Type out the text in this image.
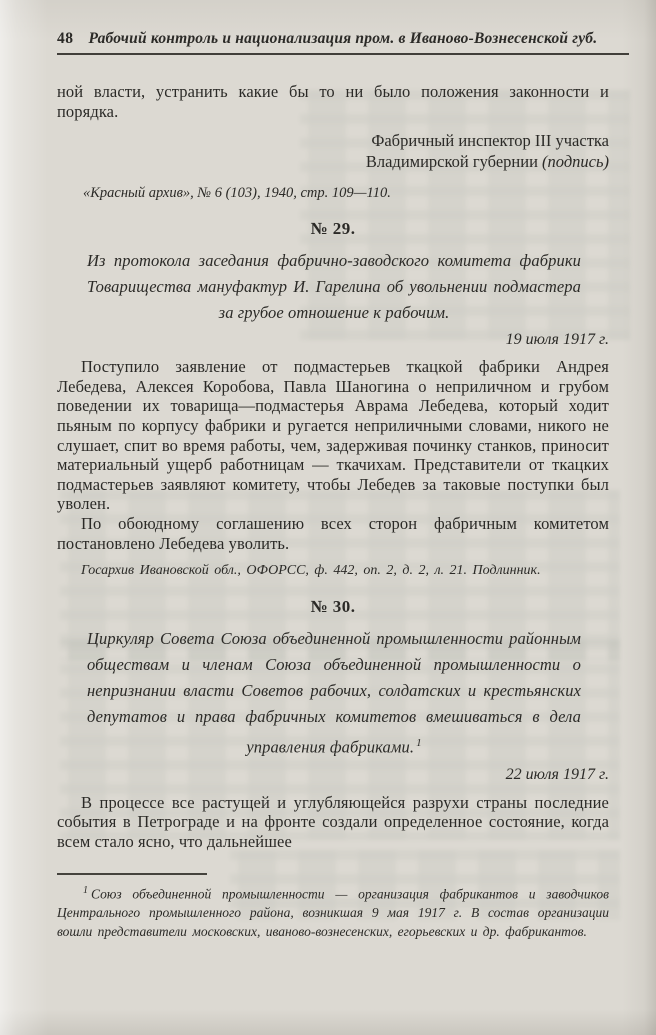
48 Рабочий контроль и национализация пром. в Иваново-Вознесенской губ.

ной власти, устранить какие бы то ни было положения законности и порядка.

Фабричный инспектор III участка
Владимирской губернии (подпись)
«Красный архив», № 6 (103), 1940, стр. 109—110.
№ 29.
Из протокола заседания фабрично-заводского комитета фабрики Товарищества мануфактур И. Гарелина об увольнении подмастера за грубое отношение к рабочим.
19 июля 1917 г.

Поступило заявление от подмастерьев ткацкой фабрики Андрея Лебедева, Алексея Коробова, Павла Шаногина о неприличном и грубом поведении их товарища—подмастерья Аврама Лебедева, который ходит пьяным по корпусу фабрики и ругается неприличными словами, никого не слушает, спит во время работы, чем, задерживая починку станков, приносит материальный ущерб работницам — ткачихам. Представители от ткацких подмастерьев заявляют комитету, чтобы Лебедев за таковые поступки был уволен.

По обоюдному соглашению всех сторон фабричным комитетом постановлено Лебедева уволить.

Госархив Ивановской обл., ОФОРСС, ф. 442, оп. 2, д. 2, л. 21. Подлинник.
№ 30.
Циркуляр Совета Союза объединенной промышленности районным обществам и членам Союза объединенной промышленности о непризнании власти Советов рабочих, солдатских и крестьянских депутатов и права фабричных комитетов вмешиваться в дела управления фабриками. $^1$
22 июля 1917 г.

В процессе все растущей и углубляющейся разрухи страны последние события в Петрограде и на фронте создали определенное состояние, когда всем стало ясно, что дальнейшее

$^1$ Союз объединенной промышленности — организация фабрикантов и заводчиков Центрального промышленного района, возникшая 9 мая 1917 г. В состав организации вошли представители московских, иваново-вознесенских, егорьевских и др. фабрикантов.
